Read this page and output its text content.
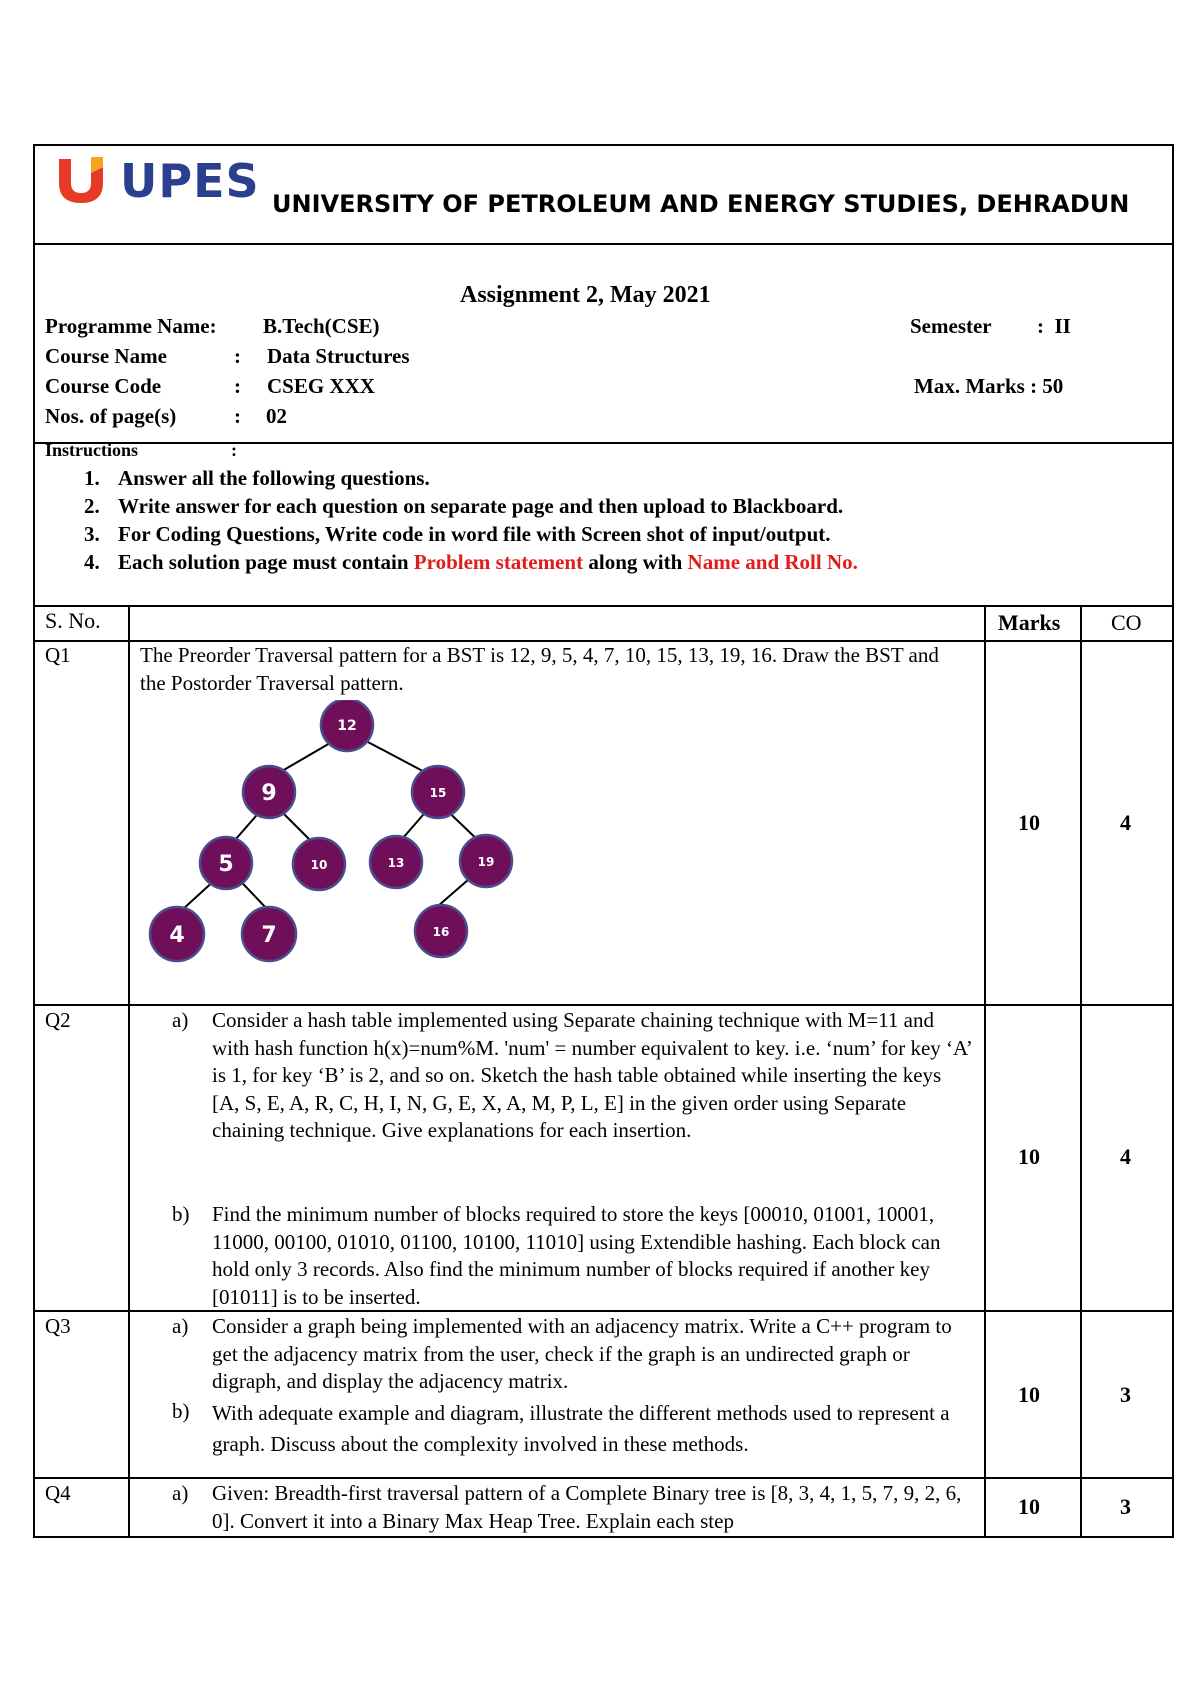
UPES UNIVERSITY OF PETROLEUM AND ENERGY STUDIES, DEHRADUN
Assignment 2, May 2021
Programme Name: B.Tech(CSE)	Semester :  II
Course Name	: Data Structures
Course Code	: CSEG XXX	Max. Marks : 50
Nos. of page(s)	: 02
Instructions	:
1. Answer all the following questions.
2. Write answer for each question on separate page and then upload to Blackboard.
3. For Coding Questions, Write code in word file with Screen shot of input/output.
4. Each solution page must contain Problem statement along with Name and Roll No.
S. No.	Marks CO
Q1	The Preorder Traversal pattern for a BST is 12, 9, 5, 4, 7, 10, 15, 13, 19, 16. Draw the BST and the Postorder Traversal pattern.
10	4
12
9	15
5	10	13	19
4	7	16
Q2	a) Consider a hash table implemented using Separate chaining technique with M=11 and with hash function h(x)=num%M. 'num' = number equivalent to key. i.e. ‘num’ for key ‘A’ is 1, for key ‘B’ is 2, and so on. Sketch the hash table obtained while inserting the keys [A, S, E, A, R, C, H, I, N, G, E, X, A, M, P, L, E] in the given order using Separate chaining technique. Give explanations for each insertion.
b) Find the minimum number of blocks required to store the keys [00010, 01001, 10001, 11000, 00100, 01010, 01100, 10100, 11010] using Extendible hashing. Each block can hold only 3 records. Also find the minimum number of blocks required if another key [01011] is to be inserted.
10	4
Q3	a) Consider a graph being implemented with an adjacency matrix. Write a C++ program to get the adjacency matrix from the user, check if the graph is an undirected graph or digraph, and display the adjacency matrix.
b) With adequate example and diagram, illustrate the different methods used to represent a graph. Discuss about the complexity involved in these methods.
10	3
Q4	a) Given: Breadth-first traversal pattern of a Complete Binary tree is [8, 3, 4, 1, 5, 7, 9, 2, 6, 0]. Convert it into a Binary Max Heap Tree. Explain each step
10	3
